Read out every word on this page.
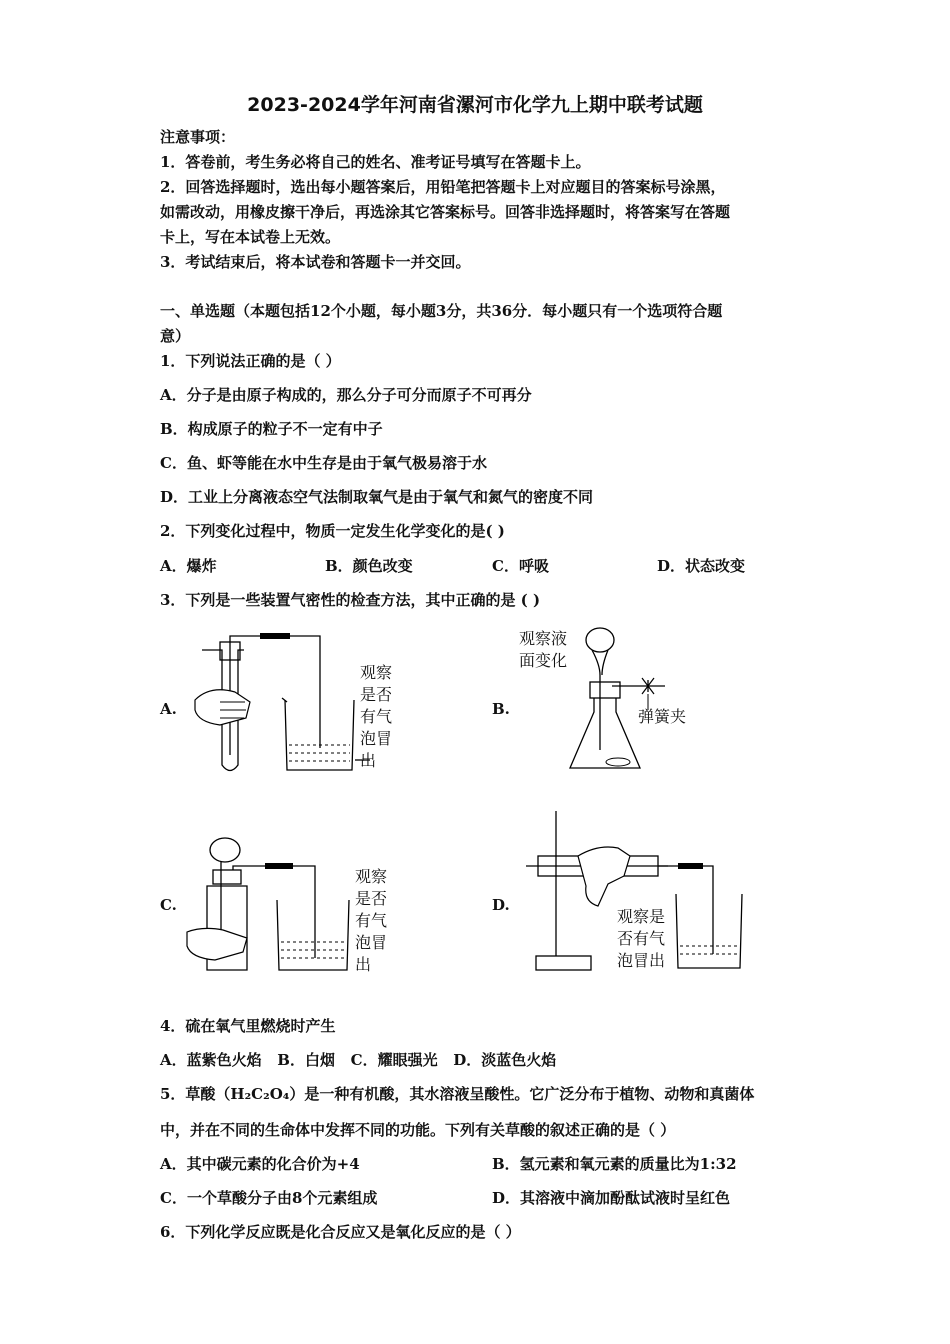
2023-2024学年河南省漯河市化学九上期中联考试题
注意事项：
1．答卷前，考生务必将自己的姓名、准考证号填写在答题卡上。
2．回答选择题时，选出每小题答案后，用铅笔把答题卡上对应题目的答案标号涂黑，
如需改动，用橡皮擦干净后，再选涂其它答案标号。回答非选择题时，将答案写在答题
卡上，写在本试卷上无效。
3．考试结束后，将本试卷和答题卡一并交回。
一、单选题（本题包括12个小题，每小题3分，共36分．每小题只有一个选项符合题
意）
1．下列说法正确的是（ ）
A．分子是由原子构成的，那么分子可分而原子不可再分
B．构成原子的粒子不一定有中子
C．鱼、虾等能在水中生存是由于氧气极易溶于水
D．工业上分离液态空气法制取氧气是由于氧气和氮气的密度不同
2．下列变化过程中，物质一定发生化学变化的是( )
A．爆炸	B．颜色改变	C．呼吸	D．状态改变
3．下列是一些装置气密性的检查方法，其中正确的是 ( )
A.	B.
C.	D.
观察
是否
有气
泡冒
出
观察液
面变化
弹簧夹
观察
是否
有气
泡冒
出
观察是
否有气
泡冒出
4．硫在氧气里燃烧时产生
A．蓝紫色火焰   B．白烟   C．耀眼强光   D．淡蓝色火焰
5．草酸（H₂C₂O₄）是一种有机酸，其水溶液呈酸性。它广泛分布于植物、动物和真菌体
中，并在不同的生命体中发挥不同的功能。下列有关草酸的叙述正确的是（ ）
A．其中碳元素的化合价为+4	B．氢元素和氧元素的质量比为1:32
C．一个草酸分子由8个元素组成	D．其溶液中滴加酚酞试液时呈红色
6．下列化学反应既是化合反应又是氧化反应的是（ ）
